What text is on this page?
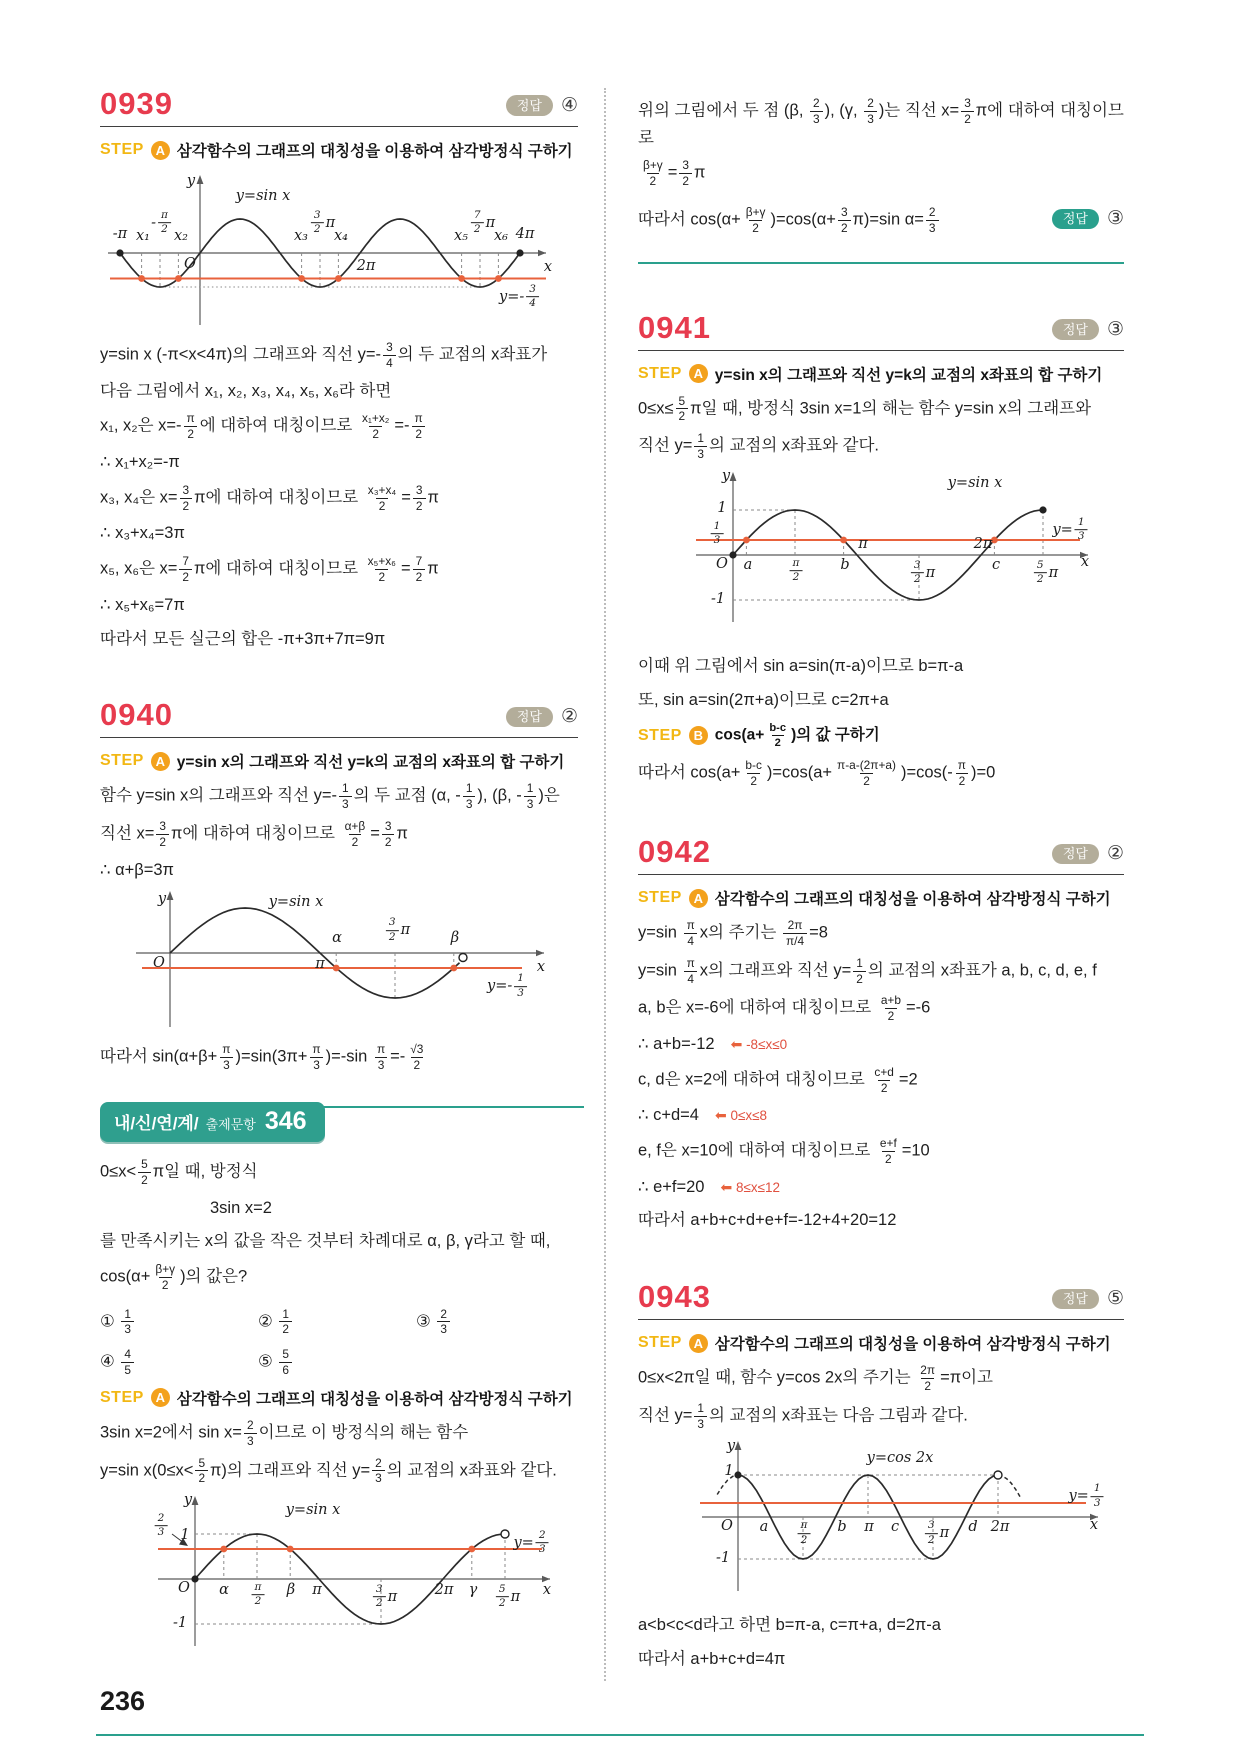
0939	정답	④
STEP A 삼각함수의 그래프의 대칭성을 이용하여 삼각방정식 구하기
y
x
O
y=sin x
$y=- \frac{3}{4}$
-π x₁
- $\frac{\pi}{2} x_2$	$x_3 \frac{3}{2}$ π
x₄
2π
$x_5 \frac{7}{2}$ π
x₆ 4π

y=sin x (-π<x<4π)의 그래프와 직선 $y=- \frac{3}{4}$ 의 두 교점의 x좌표가

다음 그림에서 x₁, x₂, x₃, x₄, x₅, x₆라 하면

x₁, x₂은 $x=- \frac{\pi}{2}$ 에 대하여 대칭이므로 $\frac{\text{x₁+x₂}}{2} =- \frac{\pi}{2}$

∴ x₁+x₂=-π

x₃, x₄은 $x= \frac{3}{2}$ π에 대하여 대칭이므로 $\frac{\text{x₃+x₄}}{2} = \frac{3}{2}$ π

∴ x₃+x₄=3π

x₅, x₆은 $x= \frac{7}{2}$ π에 대하여 대칭이므로 $\frac{\text{x₅+x₆}}{2} = \frac{7}{2}$ π

∴ x₅+x₆=7π

따라서 모든 실근의 합은 -π+3π+7π=9π

0940	정답	②
STEP A y=sin x의 그래프와 직선 y=k의 교점의 x좌표의 합 구하기

함수 y=sin x의 그래프와 직선 $y=- \frac{1}{3}$ 의 두 교점 (α, - $\frac{1}{3}$ ), (β, - $\frac{1}{3}$ )은

직선 $x= \frac{3}{2}$ π에 대하여 대칭이므로 $\frac{\alpha+\beta}{2} = \frac{3}{2}$ π

∴ α+β=3π

y
x
O
y=sin x
$y=- \frac{1}{3}$
π
α	$\frac{3}{2}$ π	β

따라서 $\sin(\alpha+\beta+ \frac{\pi}{3} )=\sin(3\pi+ \frac{\pi}{3} )=-\sin \frac{\pi}{3} =- \frac{√3}{2}$

내/신/연/계/ 출제문항 346

$0\le x< \frac{5}{2}$ π일 때, 방정식

3sin x=2

를 만족시키는 x의 값을 작은 것부터 차례대로 α, β, γ라고 할 때,

$\cos(\alpha+ \frac{\beta+\gamma}{2}$ )의 값은?

① $\frac{1}{3}$	② $\frac{1}{2}$	③ $\frac{2}{3}$
④ $\frac{4}{5}$	⑤ $\frac{5}{6}$
STEP A 삼각함수의 그래프의 대칭성을 이용하여 삼각방정식 구하기

3sin x=2에서 $\sin x= \frac{2}{3}$ 이므로 이 방정식의 해는 함수

y=sin $x(0\le x< \frac{5}{2} \pi)$의 그래프와 직선 $y= \frac{2}{3}$ 의 교점의 x좌표와 같다.

y
x
O
y=sin x
$y= \frac{2}{3}$
$\frac{2}{3} 1$
-1
α $\frac{\pi}{2}$ β π	$\frac{3}{2}$ π	2π γ $\frac{5}{2}$ π

위의 그림에서 두 점 (β, $\frac{2}{3}$ ), (γ, $\frac{2}{3}$ )는 직선 $x= \frac{3}{2}$ π에 대하여 대칭이므로

$\frac{\beta+\gamma}{2} = \frac{3}{2}$ π

따라서 $\cos(\alpha+ \frac{\beta+\gamma}{2} )=\cos(\alpha+ \frac{3}{2} \pi)=\sin$ $\alpha= \frac{2}{3}$	정답	③
0941	정답	③
STEP A y=sin x의 그래프와 직선 y=k의 교점의 x좌표의 합 구하기

$0\le x\le \frac{5}{2}$ π일 때, 방정식 3sin x=1의 해는 함수 y=sin x의 그래프와

직선 $y= \frac{1}{3}$ 의 교점의 x좌표와 같다.

y
x
O
y=sin x
$y= \frac{1}{3}$
1
$\frac{1}{3}$
-1
a	$\frac{\pi}{2}$	b
π
$\frac{3}{2}$ π
2π
c	$\frac{5}{2}$ π

이때 위 그림에서 sin a=sin(π-a)이므로 b=π-a

또, sin a=sin(2π+a)이므로 c=2π+a

STEP B $\cos(a+ \frac{b-c}{2}$ )의 값 구하기

따라서 $\cos(a+ \frac{b-c}{2} )=\cos(a+ \frac{\pi-a-(2\pi+a)}{2} )=\cos(- \frac{\pi}{2} )=0$

0942	정답	②
STEP A 삼각함수의 그래프의 대칭성을 이용하여 삼각방정식 구하기

$y=\sin \frac{\pi}{4}$ x의 주기는 $\frac{2\pi}{\pi/4} =8$

$y=\sin \frac{\pi}{4}$ x의 그래프와 직선 $y= \frac{1}{2}$ 의 교점의 x좌표가 a, b, c, d, e, f

a, b은 x=-6에 대하여 대칭이므로 $\frac{a+b}{2} =-6$

∴ a+b=-12 ⬅ -8≤x≤0

c, d은 x=2에 대하여 대칭이므로 $\frac{c+d}{2} =2$

∴ c+d=4 ⬅ 0≤x≤8

e, f은 x=10에 대하여 대칭이므로 $\frac{e+f}{2} =10$

∴ e+f=20 ⬅ 8≤x≤12

따라서 a+b+c+d+e+f=-12+4+20=12

0943	정답	⑤
STEP A 삼각함수의 그래프의 대칭성을 이용하여 삼각방정식 구하기

0≤x<2π일 때, 함수 y=cos 2x의 주기는 $\frac{2\pi}{2} =\pi$이고

직선 $y= \frac{1}{3}$ 의 교점의 x좌표는 다음 그림과 같다.

y
x
O
y=cos 2x
$y= \frac{1}{3}$
1
-1
a	$\frac{\pi}{2}$ b π c $\frac{3}{2}$ π d 2π

a<b<c<d라고 하면 b=π-a, c=π+a, d=2π-a

따라서 a+b+c+d=4π

236
